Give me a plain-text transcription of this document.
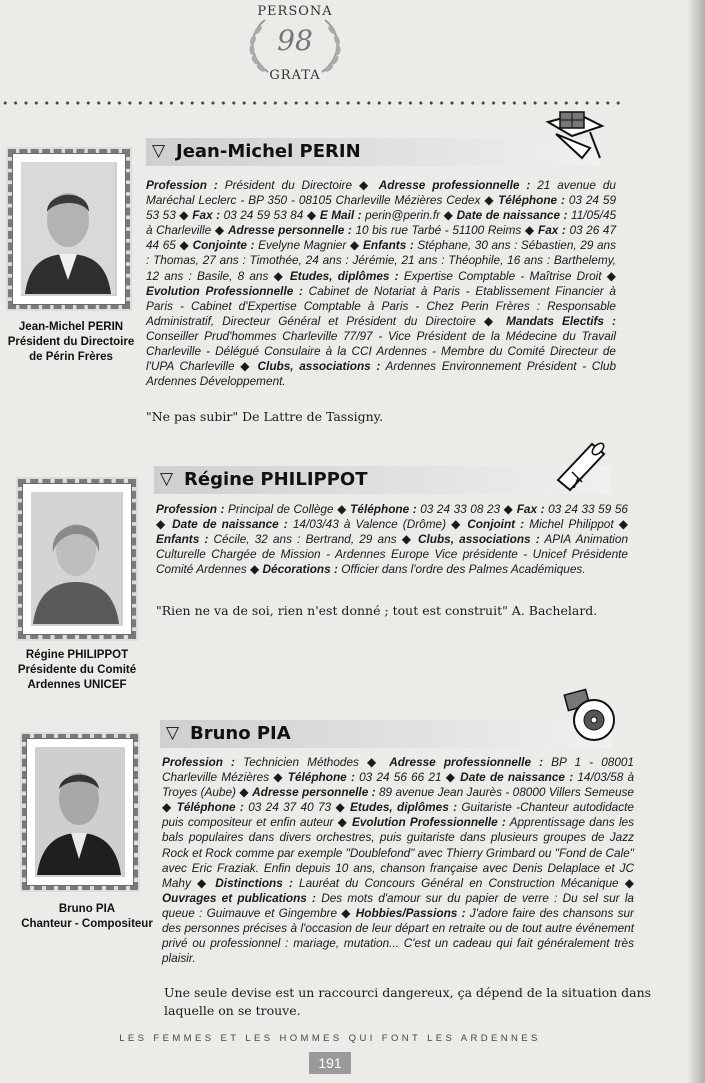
PERSONA
98
GRATA
Jean-Michel PERIN
Président du Directoire
de Périn Frères
▽ Jean-Michel PERIN
Profession : Président du Directoire ◆ Adresse professionnelle : 21 avenue du Maréchal Leclerc - BP 350 - 08105 Charleville Mézières Cedex ◆ Téléphone : 03 24 59 53 53 ◆ Fax : 03 24 59 53 84 ◆ E Mail : perin@perin.fr ◆ Date de naissance : 11/05/45 à Charleville ◆ Adresse personnelle : 10 bis rue Tarbé - 51100 Reims ◆ Fax : 03 26 47 44 65 ◆ Conjointe : Evelyne Magnier ◆ Enfants : Stéphane, 30 ans : Sébastien, 29 ans : Thomas, 27 ans : Timothée, 24 ans : Jérémie, 21 ans : Théophile, 16 ans : Barthelemy, 12 ans : Basile, 8 ans ◆ Etudes, diplômes : Expertise Comptable - Maîtrise Droit ◆ Evolution Professionnelle : Cabinet de Notariat à Paris - Etablissement Financier à Paris - Cabinet d'Expertise Comptable à Paris - Chez Perin Frères : Responsable Administratif, Directeur Général et Président du Directoire ◆ Mandats Electifs : Conseiller Prud'hommes Charleville 77/97 - Vice Président de la Médecine du Travail Charleville - Délégué Consulaire à la CCI Ardennes - Membre du Comité Directeur de l'UPA Charleville ◆ Clubs, associations : Ardennes Environnement Président - Club Ardennes Développement.
"Ne pas subir" De Lattre de Tassigny.
Régine PHILIPPOT
Présidente du Comité
Ardennes UNICEF
▽ Régine PHILIPPOT
Profession : Principal de Collège ◆ Téléphone : 03 24 33 08 23 ◆ Fax : 03 24 33 59 56 ◆ Date de naissance : 14/03/43 à Valence (Drôme) ◆ Conjoint : Michel Philippot ◆ Enfants : Cécile, 32 ans : Bertrand, 29 ans ◆ Clubs, associations : APIA Animation Culturelle Chargée de Mission - Ardennes Europe Vice présidente - Unicef Présidente Comité Ardennes ◆ Décorations : Officier dans l'ordre des Palmes Académiques.
"Rien ne va de soi, rien n'est donné ; tout est construit" A. Bachelard.
Bruno PIA
Chanteur - Compositeur
▽ Bruno PIA
Profession : Technicien Méthodes ◆ Adresse professionnelle : BP 1 - 08001 Charleville Mézières ◆ Téléphone : 03 24 56 66 21 ◆ Date de naissance : 14/03/58 à Troyes (Aube) ◆ Adresse personnelle : 89 avenue Jean Jaurès - 08000 Villers Semeuse ◆ Téléphone : 03 24 37 40 73 ◆ Etudes, diplômes : Guitariste -Chanteur autodidacte puis compositeur et enfin auteur ◆ Evolution Professionnelle : Apprentissage dans les bals populaires dans divers orchestres, puis guitariste dans plusieurs groupes de Jazz Rock et Rock comme par exemple "Doublefond" avec Thierry Grimbard ou "Fond de Cale" avec Eric Fraziak. Enfin depuis 10 ans, chanson française avec Denis Delaplace et JC Mahy ◆ Distinctions : Lauréat du Concours Général en Construction Mécanique ◆ Ouvrages et publications : Des mots d'amour sur du papier de verre : Du sel sur la queue : Guimauve et Gingembre ◆ Hobbies/Passions : J'adore faire des chansons sur des personnes précises à l'occasion de leur départ en retraite ou de tout autre événement privé ou professionnel : mariage, mutation... C'est un cadeau qui fait généralement très plaisir.
Une seule devise est un raccourci dangereux, ça dépend de la situation dans laquelle on se trouve.
LES FEMMES ET LES HOMMES QUI FONT LES ARDENNES
191
